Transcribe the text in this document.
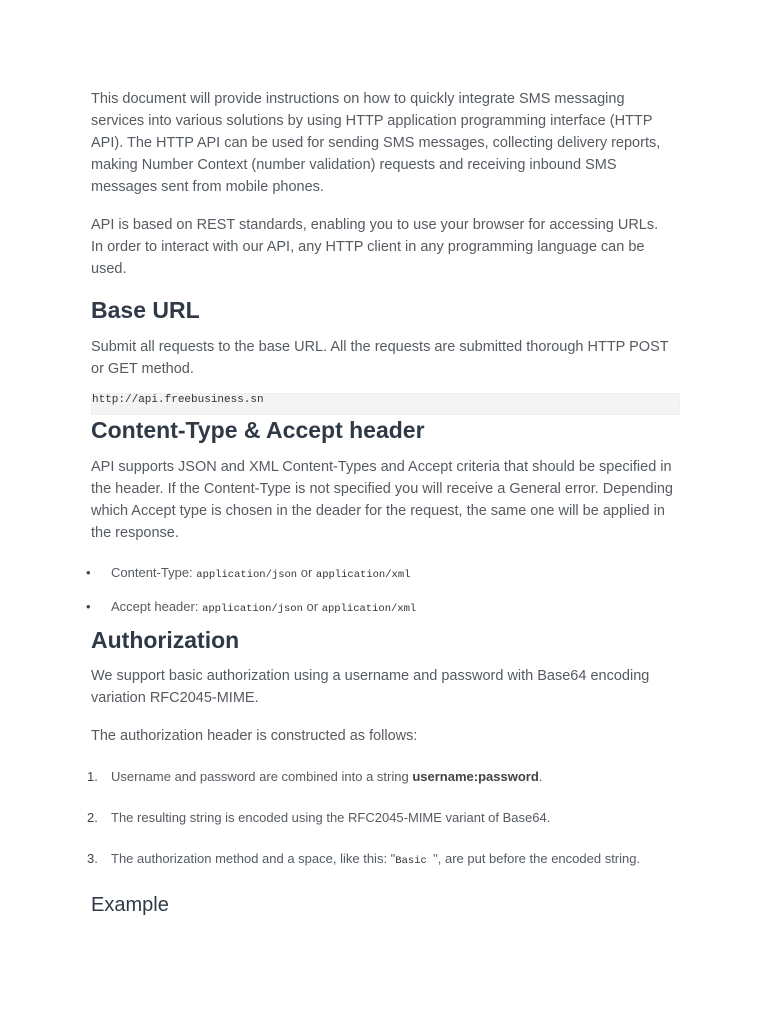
This document will provide instructions on how to quickly integrate SMS messaging services into various solutions by using HTTP application programming interface (HTTP API). The HTTP API can be used for sending SMS messages, collecting delivery reports, making Number Context (number validation) requests and receiving inbound SMS messages sent from mobile phones.

API is based on REST standards, enabling you to use your browser for accessing URLs. In order to interact with our API, any HTTP client in any programming language can be used.

Base URL

Submit all requests to the base URL. All the requests are submitted thorough HTTP POST or GET method.

http://api.freebusiness.sn
Content-Type & Accept header

API supports JSON and XML Content-Types and Accept criteria that should be specified in the header. If the Content-Type is not specified you will receive a General error. Depending which Accept type is chosen in the deader for the request, the same one will be applied in the response.

• Content-Type: application/json or application/xml
• Accept header: application/json or application/xml
Authorization

We support basic authorization using a username and password with Base64 encoding variation RFC2045-MIME.

The authorization header is constructed as follows:

1.	Username and password are combined into a string username:password.
2.	The resulting string is encoded using the RFC2045-MIME variant of Base64.
3.	The authorization method and a space, like this: "Basic ", are put before the encoded string.
Example
